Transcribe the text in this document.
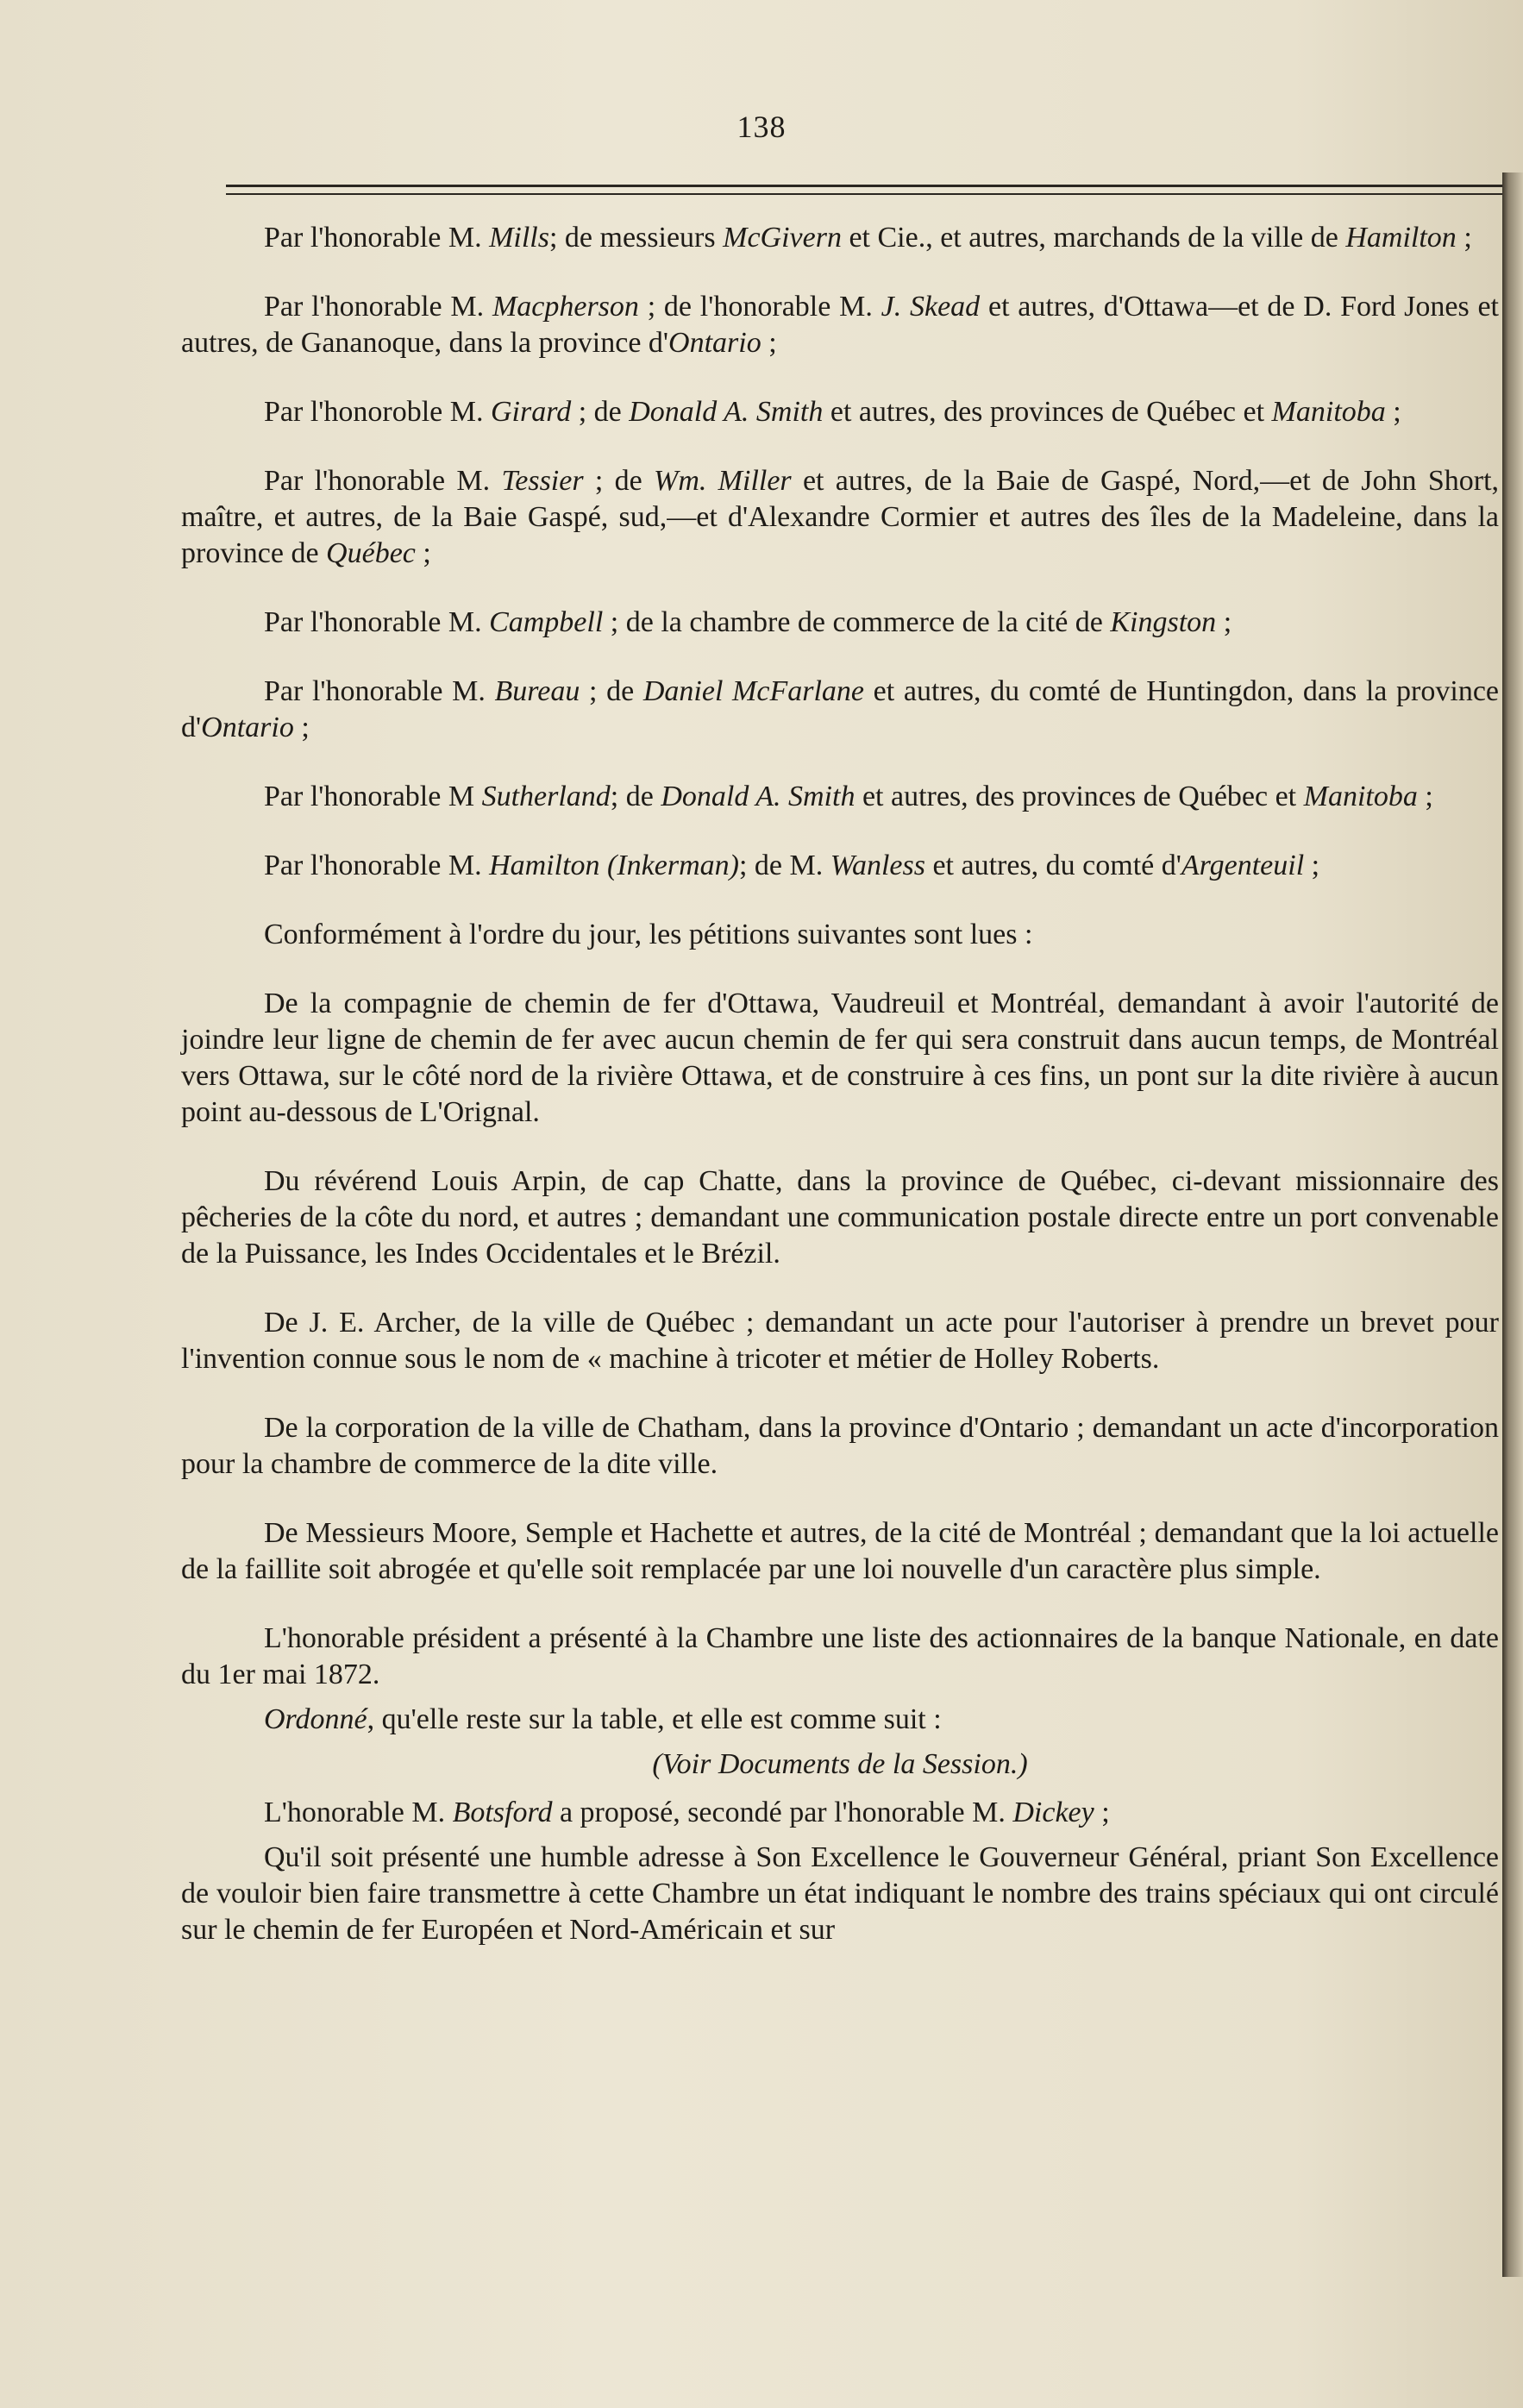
138

Par l'honorable M. Mills; de messieurs McGivern et Cie., et autres, marchands de la ville de Hamilton ;

Par l'honorable M. Macpherson ; de l'honorable M. J. Skead et autres, d'Ottawa—et de D. Ford Jones et autres, de Gananoque, dans la province d'Ontario ;

Par l'honoroble M. Girard ; de Donald A. Smith et autres, des provinces de Québec et Manitoba ;

Par l'honorable M. Tessier ; de Wm. Miller et autres, de la Baie de Gaspé, Nord,—et de John Short, maître, et autres, de la Baie Gaspé, sud,—et d'Alexandre Cormier et autres des îles de la Madeleine, dans la province de Québec ;

Par l'honorable M. Campbell ; de la chambre de commerce de la cité de Kingston ;

Par l'honorable M. Bureau ; de Daniel McFarlane et autres, du comté de Huntingdon, dans la province d'Ontario ;

Par l'honorable M Sutherland; de Donald A. Smith et autres, des provinces de Québec et Manitoba ;

Par l'honorable M. Hamilton (Inkerman); de M. Wanless et autres, du comté d'Argenteuil ;

Conformément à l'ordre du jour, les pétitions suivantes sont lues :

De la compagnie de chemin de fer d'Ottawa, Vaudreuil et Montréal, demandant à avoir l'autorité de joindre leur ligne de chemin de fer avec aucun chemin de fer qui sera construit dans aucun temps, de Montréal vers Ottawa, sur le côté nord de la rivière Ottawa, et de construire à ces fins, un pont sur la dite rivière à aucun point au-dessous de L'Orignal.

Du révérend Louis Arpin, de cap Chatte, dans la province de Québec, ci-devant missionnaire des pêcheries de la côte du nord, et autres ; demandant une communication postale directe entre un port convenable de la Puissance, les Indes Occidentales et le Brézil.

De J. E. Archer, de la ville de Québec ; demandant un acte pour l'autoriser à prendre un brevet pour l'invention connue sous le nom de « machine à tricoter et métier de Holley Roberts.

De la corporation de la ville de Chatham, dans la province d'Ontario ; demandant un acte d'incorporation pour la chambre de commerce de la dite ville.

De Messieurs Moore, Semple et Hachette et autres, de la cité de Montréal ; demandant que la loi actuelle de la faillite soit abrogée et qu'elle soit remplacée par une loi nouvelle d'un caractère plus simple.

L'honorable président a présenté à la Chambre une liste des actionnaires de la banque Nationale, en date du 1er mai 1872.

Ordonné, qu'elle reste sur la table, et elle est comme suit :

(Voir Documents de la Session.)

L'honorable M. Botsford a proposé, secondé par l'honorable M. Dickey ;

Qu'il soit présenté une humble adresse à Son Excellence le Gouverneur Général, priant Son Excellence de vouloir bien faire transmettre à cette Chambre un état indiquant le nombre des trains spéciaux qui ont circulé sur le chemin de fer Européen et Nord-Américain et sur
